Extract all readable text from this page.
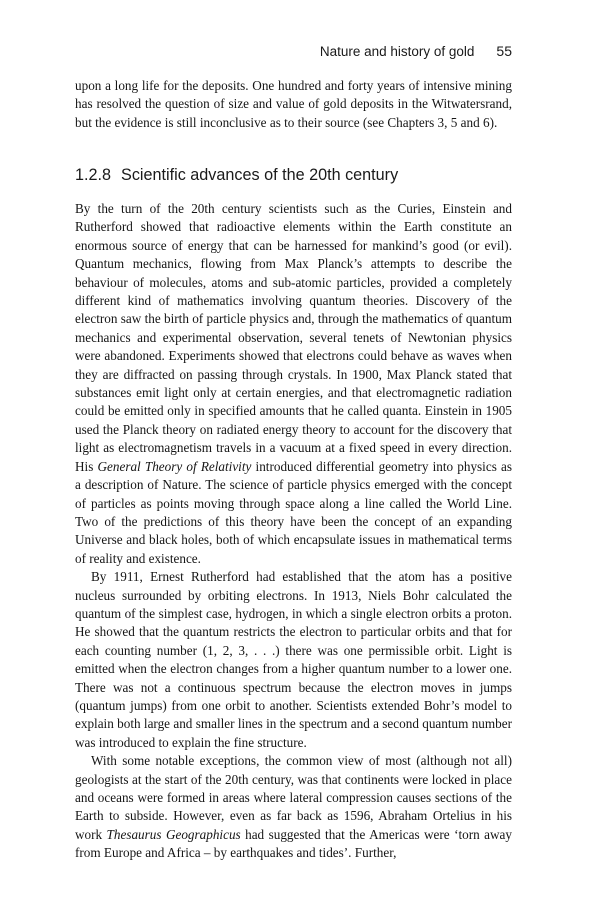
Nature and history of gold 55

upon a long life for the deposits. One hundred and forty years of intensive mining has resolved the question of size and value of gold deposits in the Witwatersrand, but the evidence is still inconclusive as to their source (see Chapters 3, 5 and 6).

1.2.8 Scientific advances of the 20th century

By the turn of the 20th century scientists such as the Curies, Einstein and Rutherford showed that radioactive elements within the Earth constitute an enormous source of energy that can be harnessed for mankind’s good (or evil). Quantum mechanics, flowing from Max Planck’s attempts to describe the behaviour of molecules, atoms and sub-atomic particles, provided a completely different kind of mathematics involving quantum theories. Discovery of the electron saw the birth of particle physics and, through the mathematics of quantum mechanics and experimental observation, several tenets of Newtonian physics were abandoned. Experiments showed that electrons could behave as waves when they are diffracted on passing through crystals. In 1900, Max Planck stated that substances emit light only at certain energies, and that electromagnetic radiation could be emitted only in specified amounts that he called quanta. Einstein in 1905 used the Planck theory on radiated energy theory to account for the discovery that light as electromagnetism travels in a vacuum at a fixed speed in every direction. His General Theory of Relativity introduced differential geometry into physics as a description of Nature. The science of particle physics emerged with the concept of particles as points moving through space along a line called the World Line. Two of the predictions of this theory have been the concept of an expanding Universe and black holes, both of which encapsulate issues in mathematical terms of reality and existence.

By 1911, Ernest Rutherford had established that the atom has a positive nucleus surrounded by orbiting electrons. In 1913, Niels Bohr calculated the quantum of the simplest case, hydrogen, in which a single electron orbits a proton. He showed that the quantum restricts the electron to particular orbits and that for each counting number (1, 2, 3, . . .) there was one permissible orbit. Light is emitted when the electron changes from a higher quantum number to a lower one. There was not a continuous spectrum because the electron moves in jumps (quantum jumps) from one orbit to another. Scientists extended Bohr’s model to explain both large and smaller lines in the spectrum and a second quantum number was introduced to explain the fine structure.

With some notable exceptions, the common view of most (although not all) geologists at the start of the 20th century, was that continents were locked in place and oceans were formed in areas where lateral compression causes sections of the Earth to subside. However, even as far back as 1596, Abraham Ortelius in his work Thesaurus Geographicus had suggested that the Americas were ‘torn away from Europe and Africa – by earthquakes and tides’. Further,
